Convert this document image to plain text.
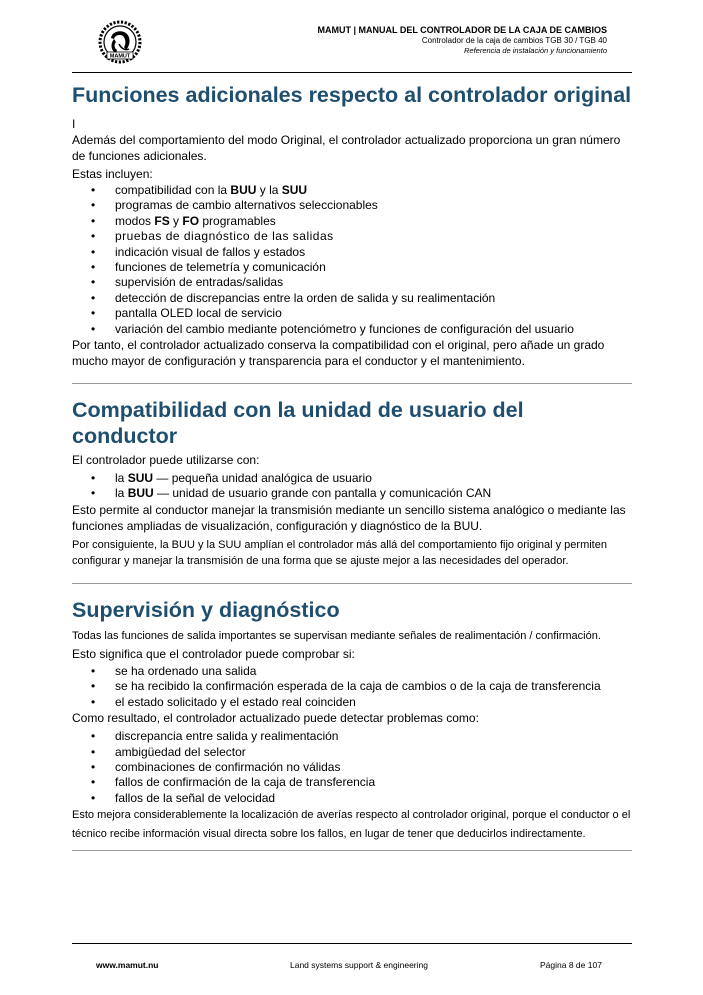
MAMUT
MAMUT | MANUAL DEL CONTROLADOR DE LA CAJA DE CAMBIOS
Controlador de la caja de cambios TGB 30 / TGB 40
Referencia de instalación y funcionamiento
Funciones adicionales respecto al controlador original

I

Además del comportamiento del modo Original, el controlador actualizado proporciona un gran número de funciones adicionales.

Estas incluyen:

• compatibilidad con la BUU y la SUU
• programas de cambio alternativos seleccionables
• modos FS y FO programables
• pruebas de diagnóstico de las salidas
• indicación visual de fallos y estados
• funciones de telemetría y comunicación
• supervisión de entradas/salidas
• detección de discrepancias entre la orden de salida y su realimentación
• pantalla OLED local de servicio
• variación del cambio mediante potenciómetro y funciones de configuración del usuario

Por tanto, el controlador actualizado conserva la compatibilidad con el original, pero añade un grado mucho mayor de configuración y transparencia para el conductor y el mantenimiento.

Compatibilidad con la unidad de usuario del conductor

El controlador puede utilizarse con:

• la SUU — pequeña unidad analógica de usuario
• la BUU — unidad de usuario grande con pantalla y comunicación CAN

Esto permite al conductor manejar la transmisión mediante un sencillo sistema analógico o mediante las funciones ampliadas de visualización, configuración y diagnóstico de la BUU.

Por consiguiente, la BUU y la SUU amplían el controlador más allá del comportamiento fijo original y permiten configurar y manejar la transmisión de una forma que se ajuste mejor a las necesidades del operador.

Supervisión y diagnóstico

Todas las funciones de salida importantes se supervisan mediante señales de realimentación / confirmación.

Esto significa que el controlador puede comprobar si:

• se ha ordenado una salida
• se ha recibido la confirmación esperada de la caja de cambios o de la caja de transferencia
• el estado solicitado y el estado real coinciden

Como resultado, el controlador actualizado puede detectar problemas como:

• discrepancia entre salida y realimentación
• ambigüedad del selector
• combinaciones de confirmación no válidas
• fallos de confirmación de la caja de transferencia
• fallos de la señal de velocidad

Esto mejora considerablemente la localización de averías respecto al controlador original, porque el conductor o el técnico recibe información visual directa sobre los fallos, en lugar de tener que deducirlos indirectamente.

www.mamut.nu	Land systems support & engineering	Página 8 de 107
